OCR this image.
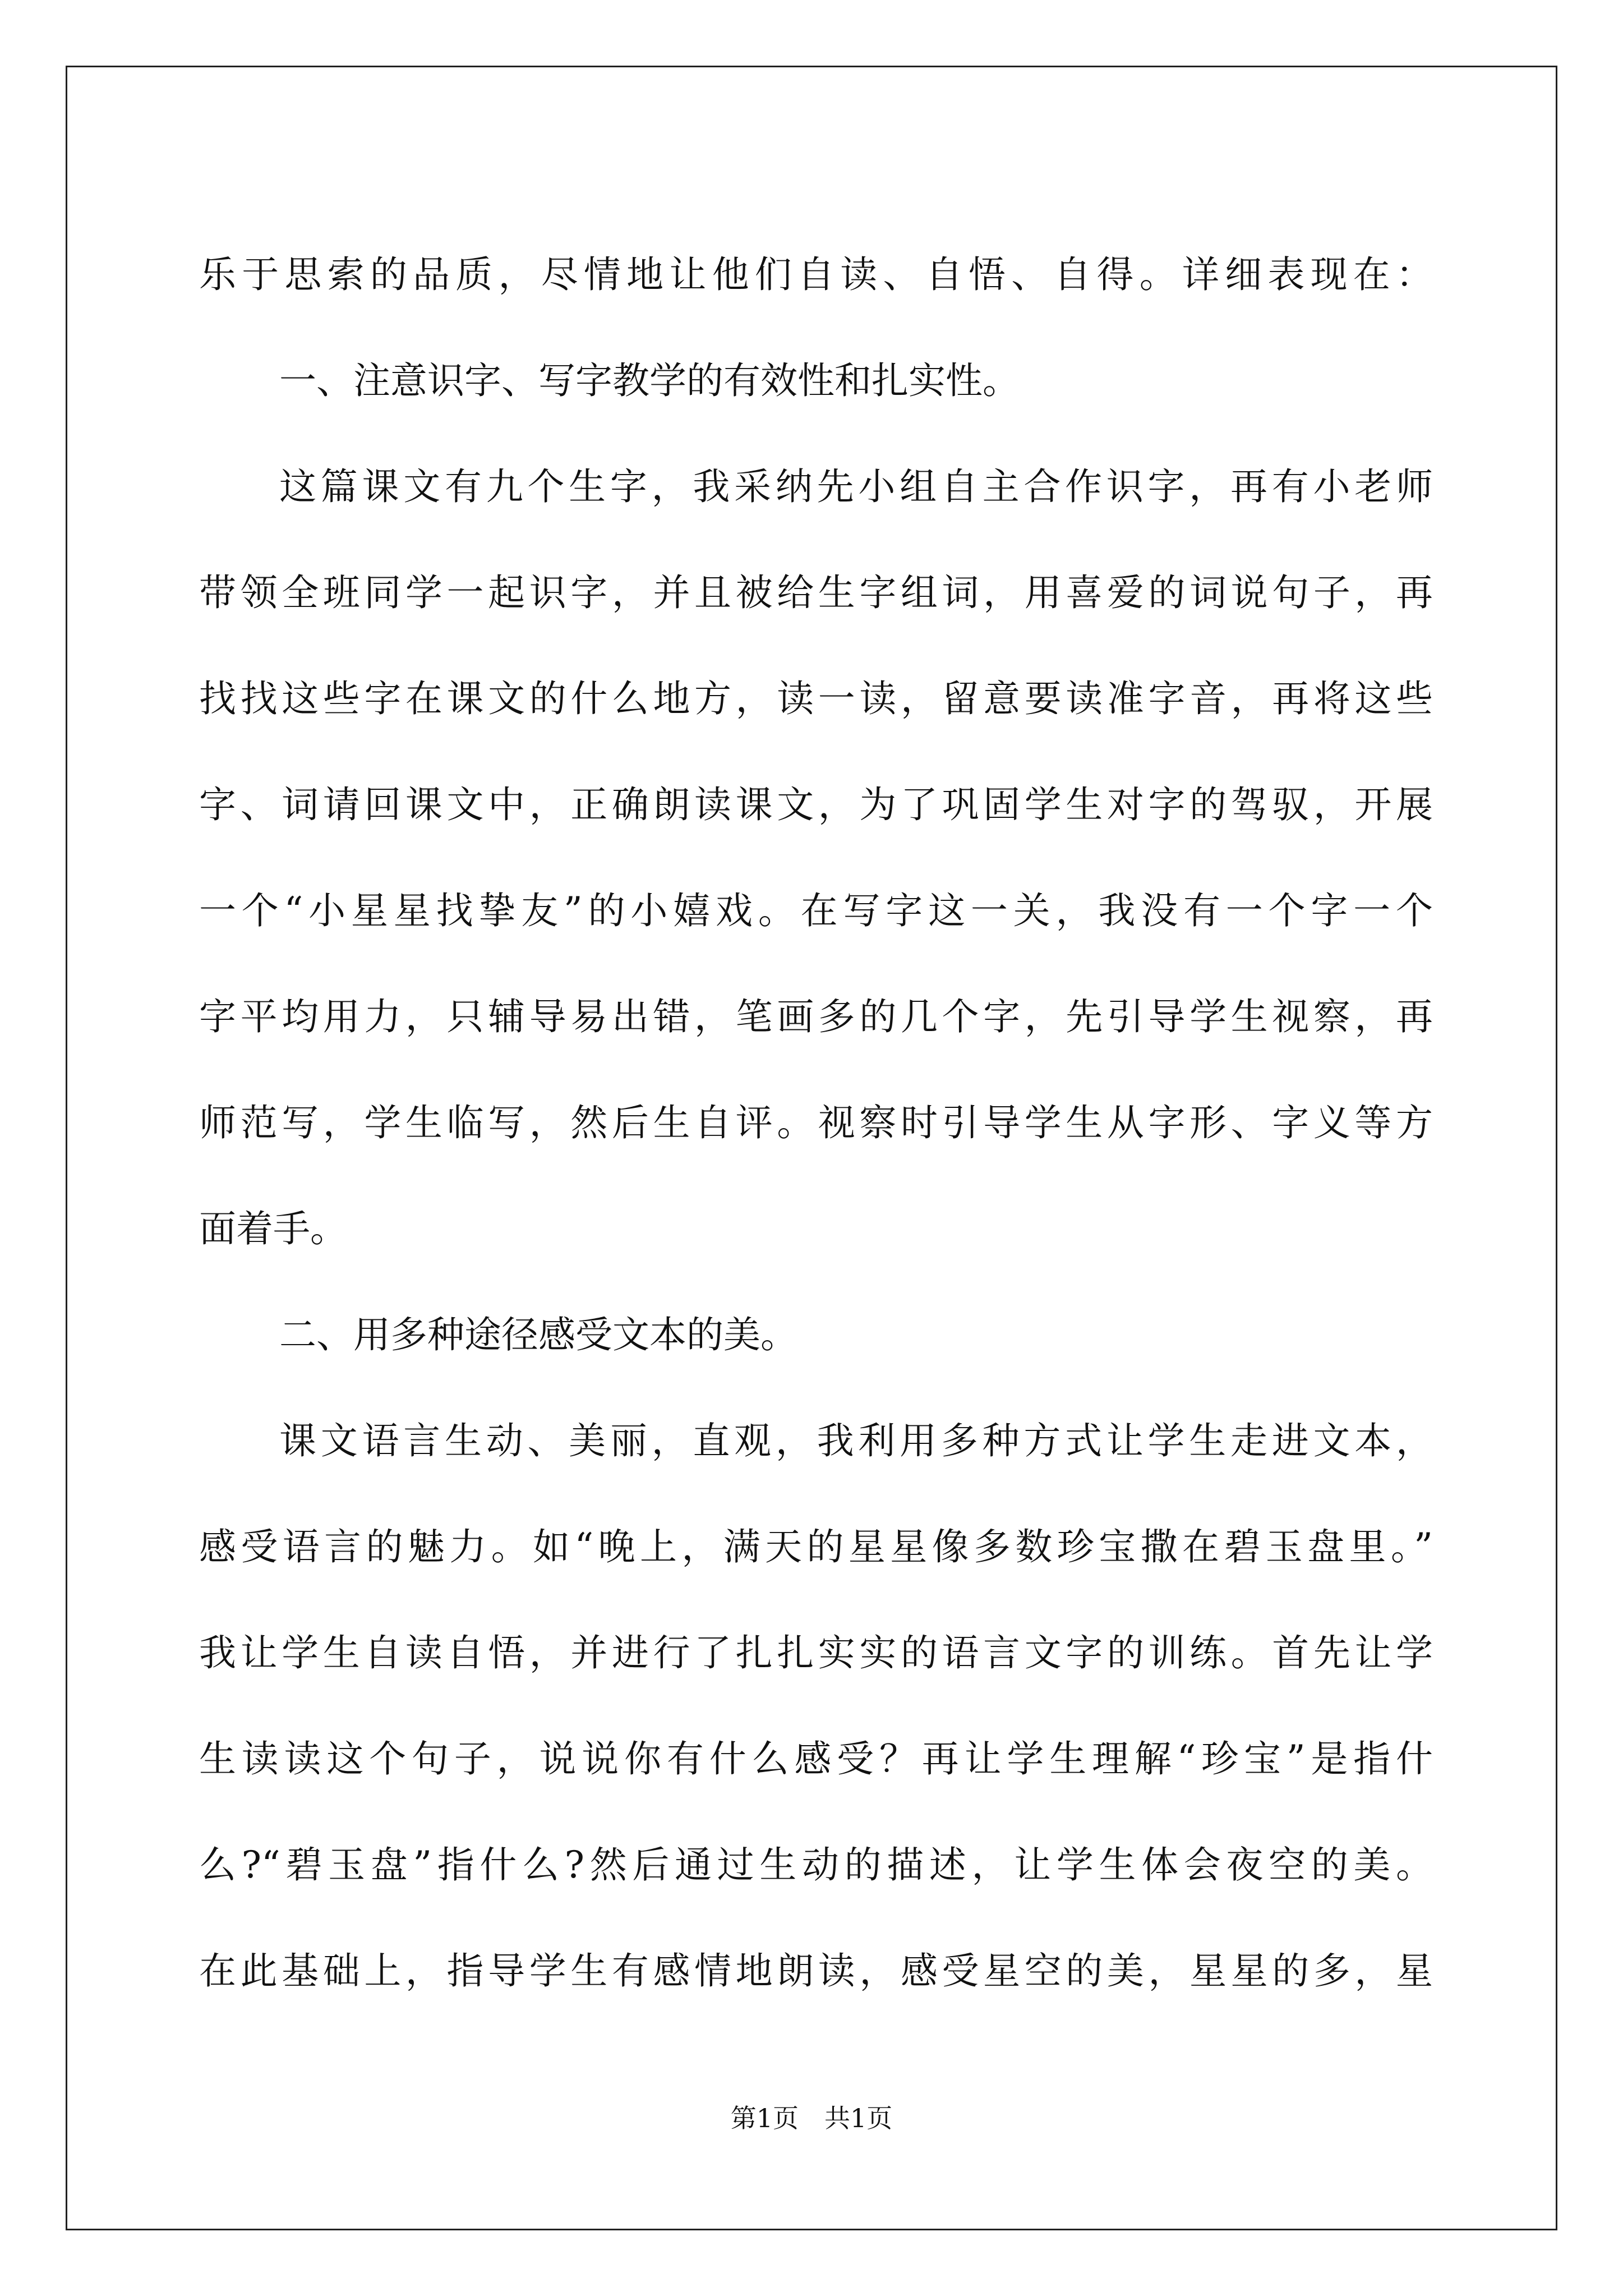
乐于思索的品质，尽情地让他们自读、自悟、自得。详细表现在：
一、注意识字、写字教学的有效性和扎实性。
这篇课文有九个生字，我采纳先小组自主合作识字，再有小老师
带领全班同学一起识字，并且被给生字组词，用喜爱的词说句子，再
找找这些字在课文的什么地方，读一读，留意要读准字音，再将这些
字、词请回课文中，正确朗读课文，为了巩固学生对字的驾驭，开展
一个“小星星找挚友”的小嬉戏。在写字这一关，我没有一个字一个
字平均用力，只辅导易出错，笔画多的几个字，先引导学生视察，再
师范写，学生临写，然后生自评。视察时引导学生从字形、字义等方
面着手。
二、用多种途径感受文本的美。
课文语言生动、美丽，直观，我利用多种方式让学生走进文本，
感受语言的魅力。如“晚上，满天的星星像多数珍宝撒在碧玉盘里。”
我让学生自读自悟，并进行了扎扎实实的语言文字的训练。首先让学
生读读这个句子，说说你有什么感受？再让学生理解“珍宝”是指什
么?“碧玉盘”指什么?然后通过生动的描述，让学生体会夜空的美。
在此基础上，指导学生有感情地朗读，感受星空的美，星星的多，星
第1页　共1页
